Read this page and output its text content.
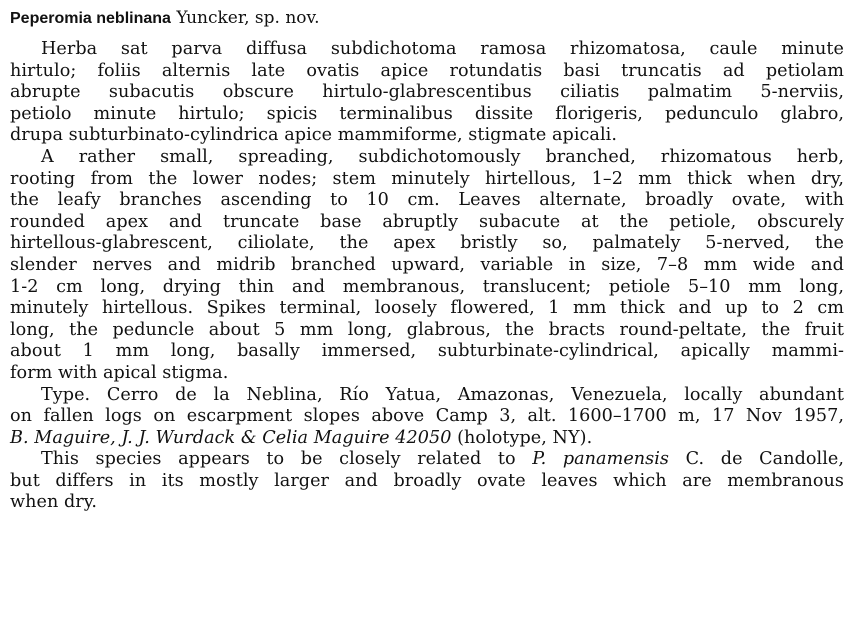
Peperomia neblinana Yuncker, sp. nov.
Herba sat parva diffusa subdichotoma ramosa rhizomatosa, caule minute
hirtulo; foliis alternis late ovatis apice rotundatis basi truncatis ad petiolam
abrupte subacutis obscure hirtulo-glabrescentibus ciliatis palmatim 5-nerviis,
petiolo minute hirtulo; spicis terminalibus dissite florigeris, pedunculo glabro,
drupa subturbinato-cylindrica apice mammiforme, stigmate apicali.
A rather small, spreading, subdichotomously branched, rhizomatous herb,
rooting from the lower nodes; stem minutely hirtellous, 1–2 mm thick when dry,
the leafy branches ascending to 10 cm. Leaves alternate, broadly ovate, with
rounded apex and truncate base abruptly subacute at the petiole, obscurely
hirtellous-glabrescent, ciliolate, the apex bristly so, palmately 5-nerved, the
slender nerves and midrib branched upward, variable in size, 7–8 mm wide and
1-2 cm long, drying thin and membranous, translucent; petiole 5–10 mm long,
minutely hirtellous. Spikes terminal, loosely flowered, 1 mm thick and up to 2 cm
long, the peduncle about 5 mm long, glabrous, the bracts round-peltate, the fruit
about 1 mm long, basally immersed, subturbinate-cylindrical, apically mammi-
form with apical stigma.
Type. Cerro de la Neblina, Río Yatua, Amazonas, Venezuela, locally abundant
on fallen logs on escarpment slopes above Camp 3, alt. 1600–1700 m, 17 Nov 1957,
B. Maguire, J. J. Wurdack & Celia Maguire 42050 (holotype, NY).
This species appears to be closely related to P. panamensis C. de Candolle,
but differs in its mostly larger and broadly ovate leaves which are membranous
when dry.
